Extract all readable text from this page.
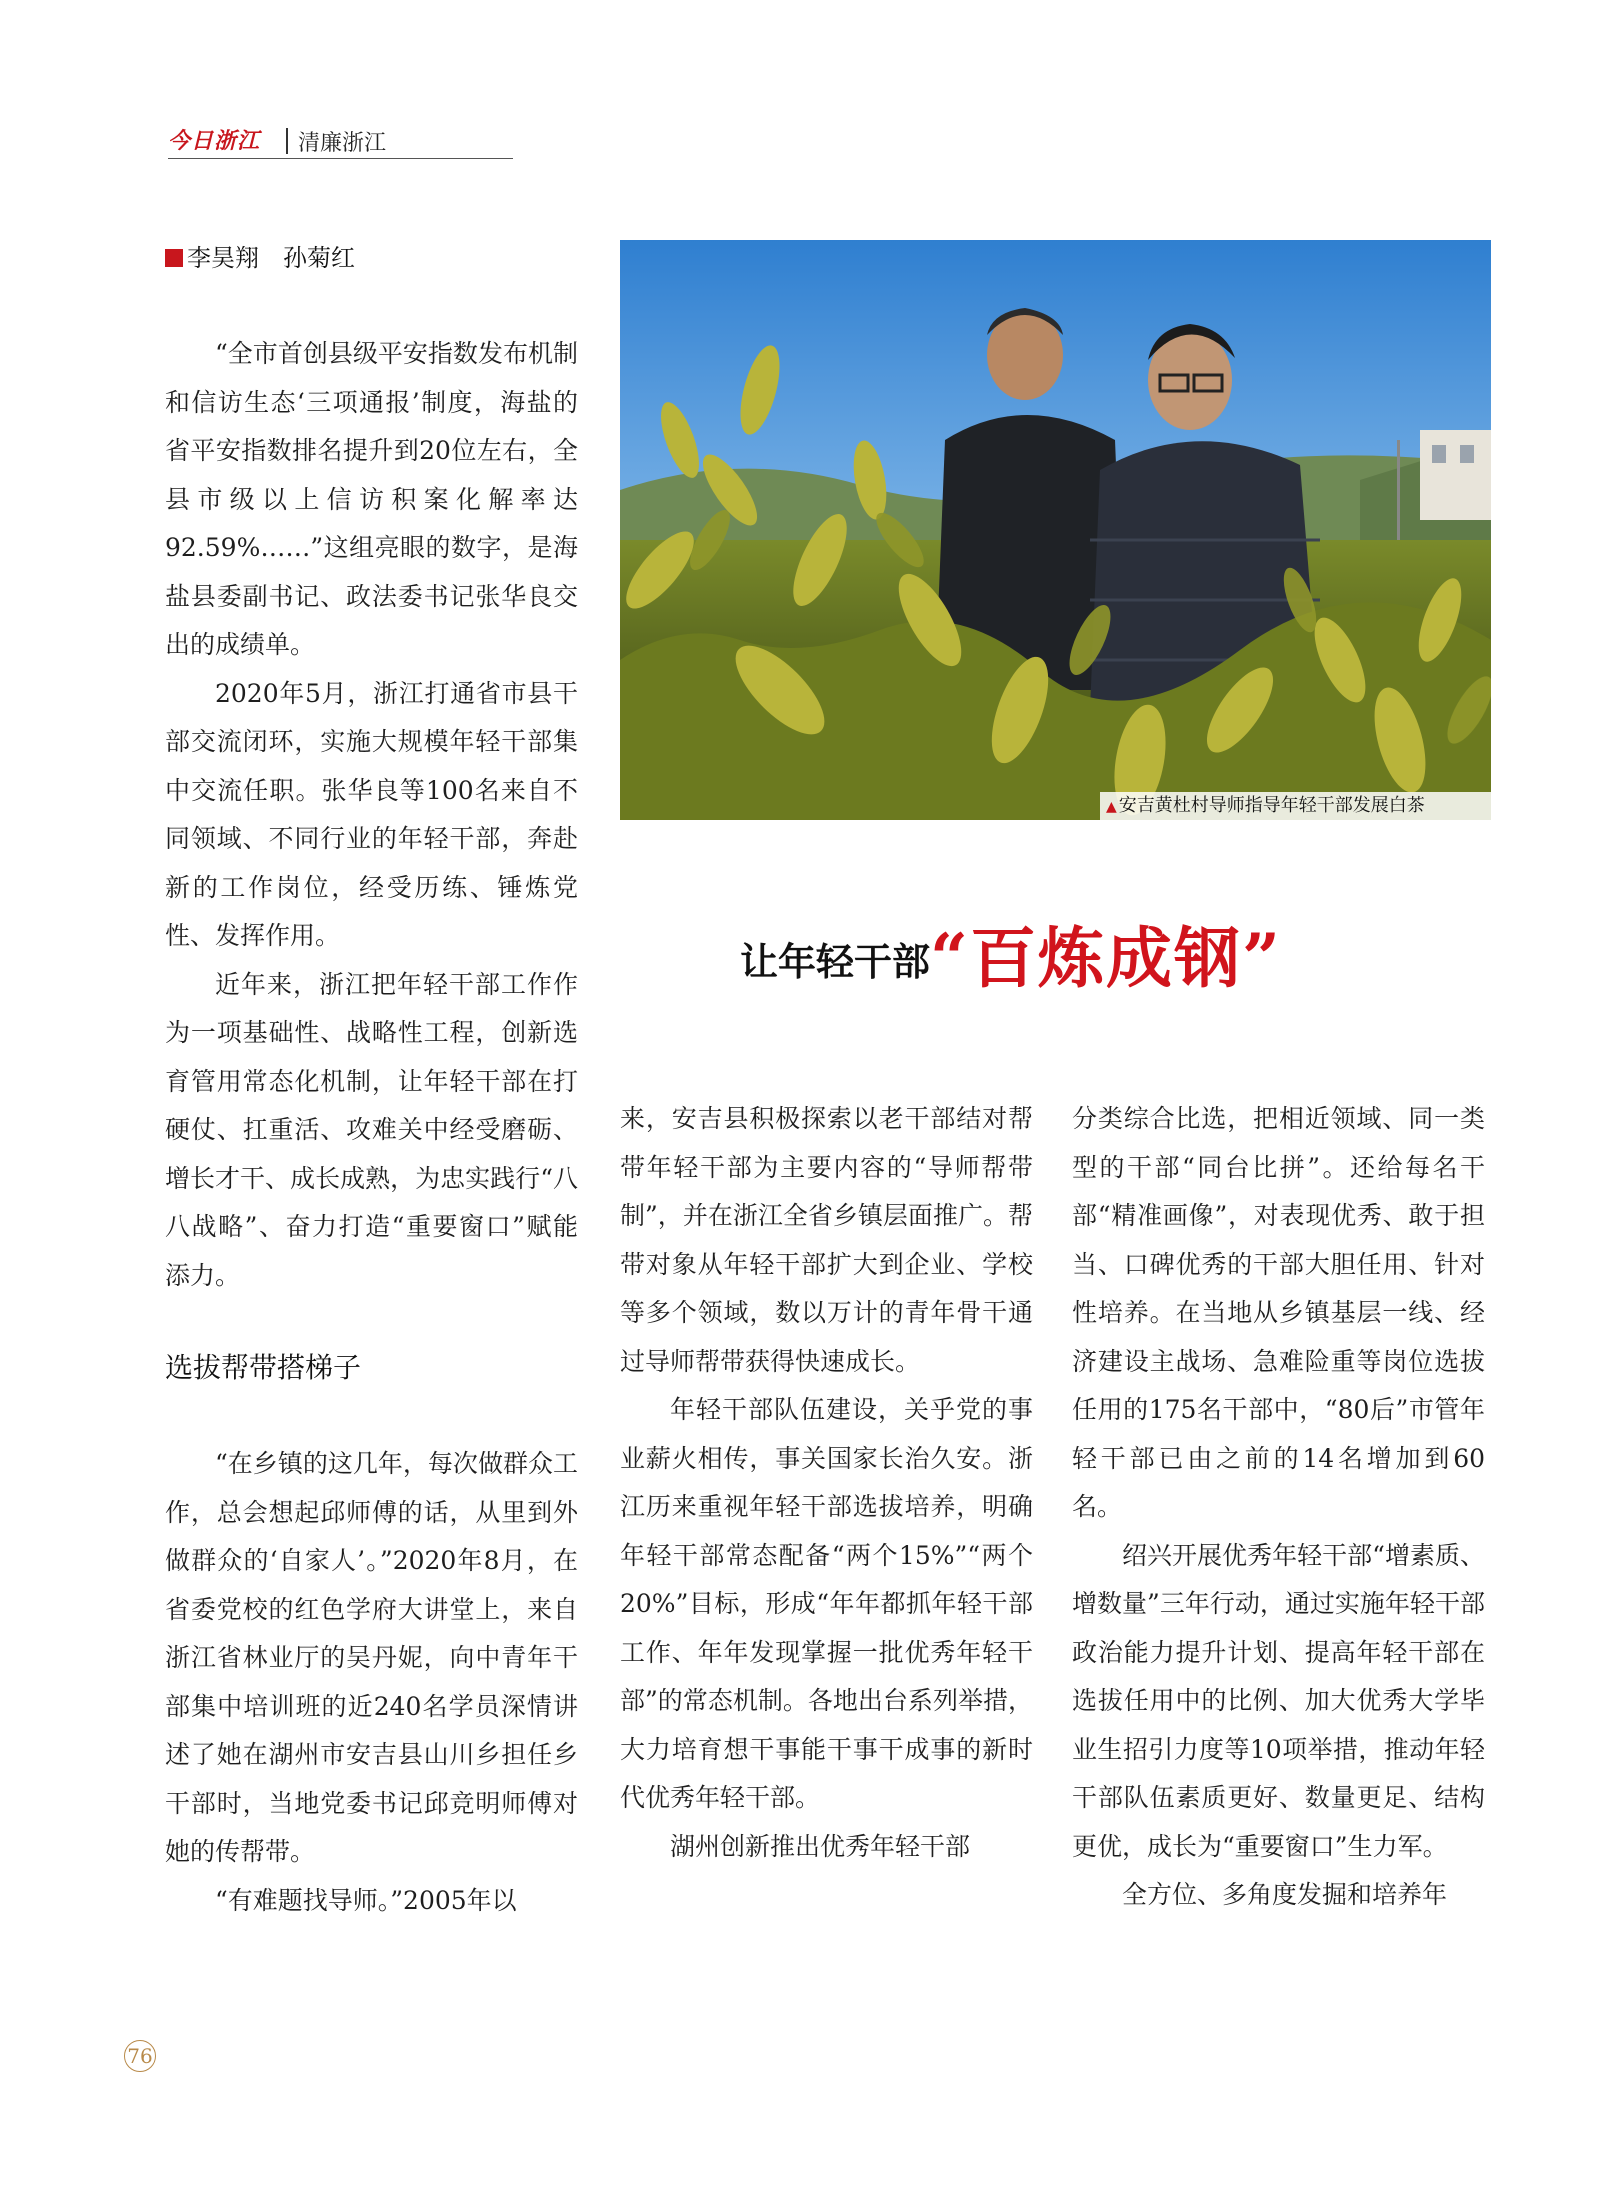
今日浙江 清廉浙江
李昊翔　孙菊红
▲ 安吉黄杜村导师指导年轻干部发展白茶
让年轻干部“百炼成钢”

“全市首创县级平安指数发布机制和信访生态‘三项通报’制度，海盐的省平安指数排名提升到20位左右，全县市级以上信访积案化解率达92.59%……”这组亮眼的数字，是海盐县委副书记、政法委书记张华良交出的成绩单。

2020年5月，浙江打通省市县干部交流闭环，实施大规模年轻干部集中交流任职。张华良等100名来自不同领域、不同行业的年轻干部，奔赴新的工作岗位，经受历练、锤炼党性、发挥作用。

近年来，浙江把年轻干部工作作为一项基础性、战略性工程，创新选育管用常态化机制，让年轻干部在打硬仗、扛重活、攻难关中经受磨砺、增长才干、成长成熟，为忠实践行“八八战略”、奋力打造“重要窗口”赋能添力。

选拔帮带搭梯子

“在乡镇的这几年，每次做群众工作，总会想起邱师傅的话，从里到外做群众的‘自家人’。”2020年8月，在省委党校的红色学府大讲堂上，来自浙江省林业厅的吴丹妮，向中青年干部集中培训班的近240名学员深情讲述了她在湖州市安吉县山川乡担任乡干部时，当地党委书记邱竞明师傅对她的传帮带。

“有难题找导师。”2005年以

来，安吉县积极探索以老干部结对帮带年轻干部为主要内容的“导师帮带制”，并在浙江全省乡镇层面推广。帮带对象从年轻干部扩大到企业、学校等多个领域，数以万计的青年骨干通过导师帮带获得快速成长。

年轻干部队伍建设，关乎党的事业薪火相传，事关国家长治久安。浙江历来重视年轻干部选拔培养，明确年轻干部常态配备“两个15%”“两个20%”目标，形成“年年都抓年轻干部工作、年年发现掌握一批优秀年轻干部”的常态机制。各地出台系列举措，大力培育想干事能干事干成事的新时代优秀年轻干部。

湖州创新推出优秀年轻干部

分类综合比选，把相近领域、同一类型的干部“同台比拼”。还给每名干部“精准画像”，对表现优秀、敢于担当、口碑优秀的干部大胆任用、针对性培养。在当地从乡镇基层一线、经济建设主战场、急难险重等岗位选拔任用的175名干部中，“80后”市管年轻干部已由之前的14名增加到60名。

绍兴开展优秀年轻干部“增素质、增数量”三年行动，通过实施年轻干部政治能力提升计划、提高年轻干部在选拔任用中的比例、加大优秀大学毕业生招引力度等10项举措，推动年轻干部队伍素质更好、数量更足、结构更优，成长为“重要窗口”生力军。

全方位、多角度发掘和培养年

76
